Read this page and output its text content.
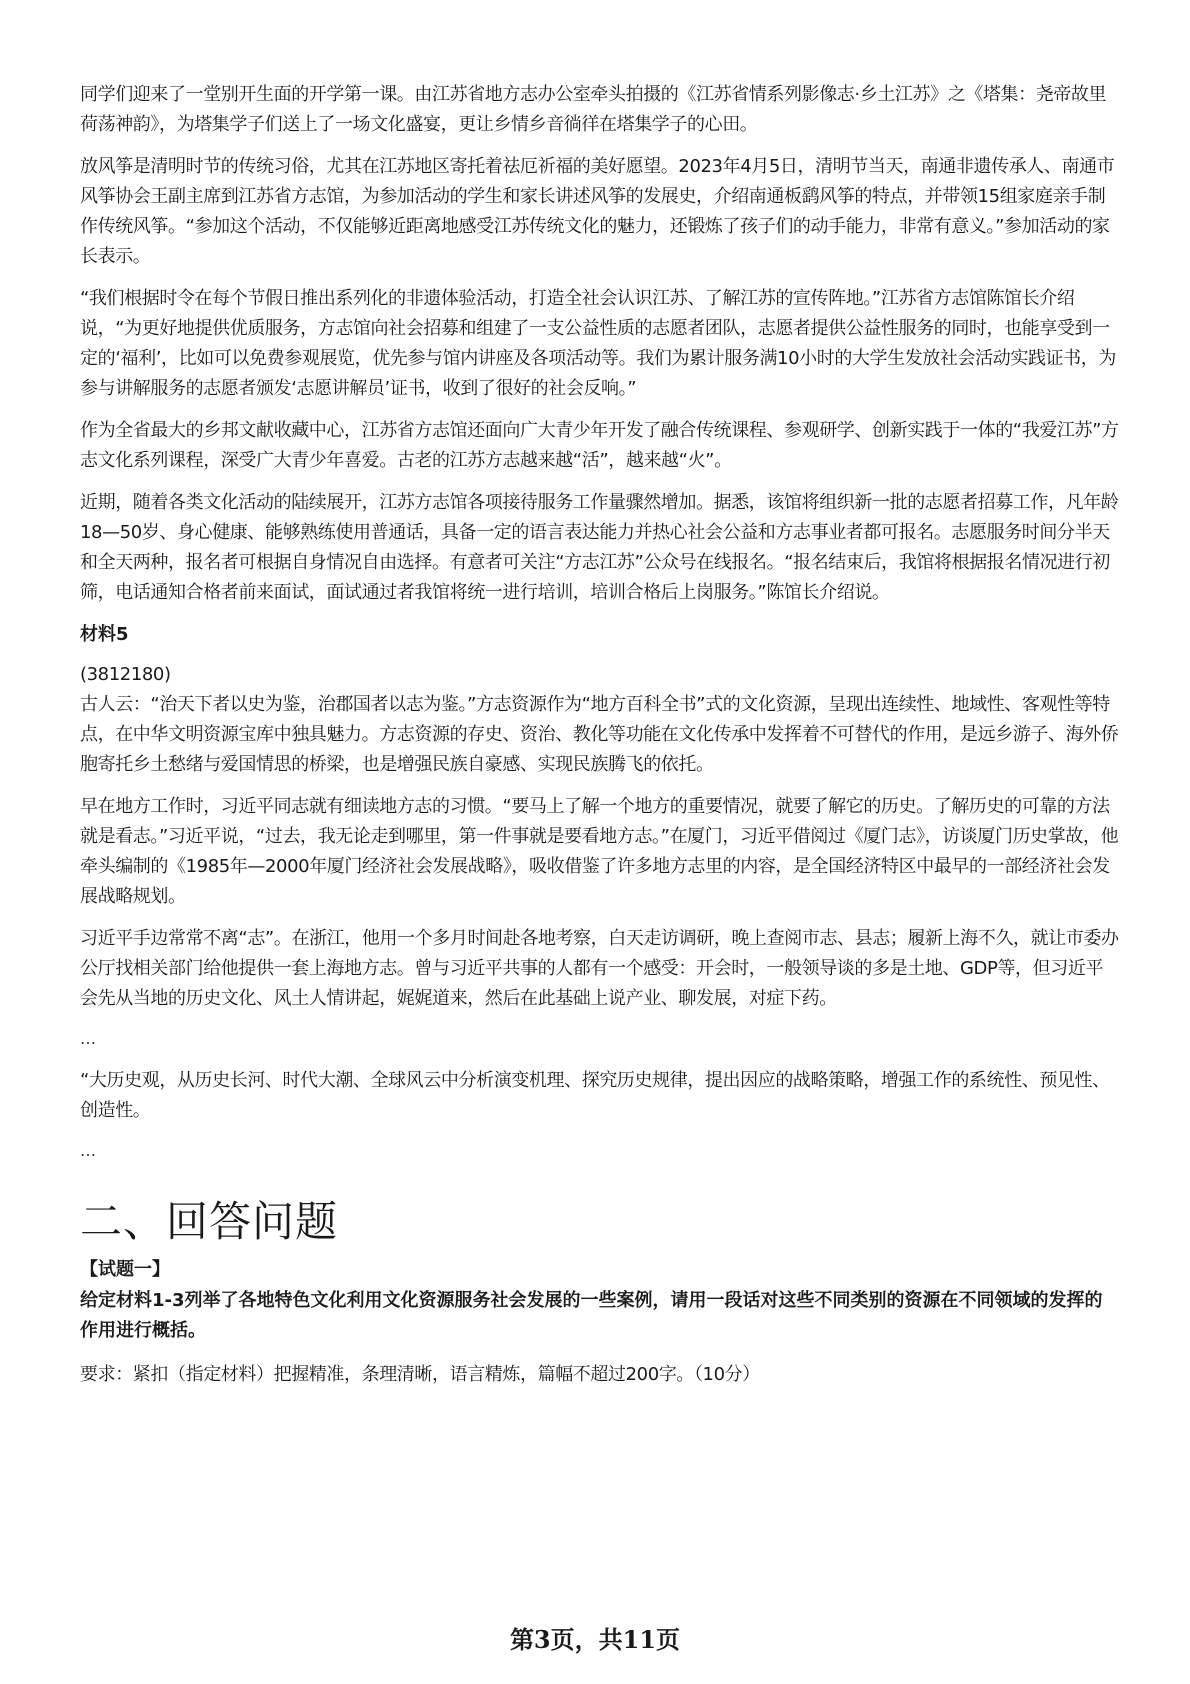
同学们迎来了一堂别开生面的开学第一课。由江苏省地方志办公室牵头拍摄的《江苏省情系列影像志·乡土江苏》之《塔集：尧帝故里荷荡神韵》，为塔集学子们送上了一场文化盛宴，更让乡情乡音徜徉在塔集学子的心田。

放风筝是清明时节的传统习俗，尤其在江苏地区寄托着祛厄祈福的美好愿望。2023年4月5日，清明节当天，南通非遗传承人、南通市风筝协会王副主席到江苏省方志馆，为参加活动的学生和家长讲述风筝的发展史，介绍南通板鹞风筝的特点，并带领15组家庭亲手制作传统风筝。“参加这个活动，不仅能够近距离地感受江苏传统文化的魅力，还锻炼了孩子们的动手能力，非常有意义。”参加活动的家长表示。

“我们根据时令在每个节假日推出系列化的非遗体验活动，打造全社会认识江苏、了解江苏的宣传阵地。”江苏省方志馆陈馆长介绍说，“为更好地提供优质服务，方志馆向社会招募和组建了一支公益性质的志愿者团队，志愿者提供公益性服务的同时，也能享受到一定的‘福利’，比如可以免费参观展览，优先参与馆内讲座及各项活动等。我们为累计服务满10小时的大学生发放社会活动实践证书，为参与讲解服务的志愿者颁发‘志愿讲解员’证书，收到了很好的社会反响。”

作为全省最大的乡邦文献收藏中心，江苏省方志馆还面向广大青少年开发了融合传统课程、参观研学、创新实践于一体的“我爱江苏”方志文化系列课程，深受广大青少年喜爱。古老的江苏方志越来越“活”，越来越“火”。

近期，随着各类文化活动的陆续展开，江苏方志馆各项接待服务工作量骤然增加。据悉，该馆将组织新一批的志愿者招募工作，凡年龄18—50岁、身心健康、能够熟练使用普通话，具备一定的语言表达能力并热心社会公益和方志事业者都可报名。志愿服务时间分半天和全天两种，报名者可根据自身情况自由选择。有意者可关注“方志江苏”公众号在线报名。“报名结束后，我馆将根据报名情况进行初筛，电话通知合格者前来面试，面试通过者我馆将统一进行培训，培训合格后上岗服务。”陈馆长介绍说。

材料5

(3812180)

古人云：“治天下者以史为鉴，治郡国者以志为鉴。”方志资源作为“地方百科全书”式的文化资源，呈现出连续性、地域性、客观性等特点，在中华文明资源宝库中独具魅力。方志资源的存史、资治、教化等功能在文化传承中发挥着不可替代的作用，是远乡游子、海外侨胞寄托乡土愁绪与爱国情思的桥梁，也是增强民族自豪感、实现民族腾飞的依托。

早在地方工作时，习近平同志就有细读地方志的习惯。“要马上了解一个地方的重要情况，就要了解它的历史。了解历史的可靠的方法就是看志。”习近平说，“过去，我无论走到哪里，第一件事就是要看地方志。”在厦门，习近平借阅过《厦门志》，访谈厦门历史掌故，他牵头编制的《1985年—2000年厦门经济社会发展战略》，吸收借鉴了许多地方志里的内容，是全国经济特区中最早的一部经济社会发展战略规划。

习近平手边常常不离“志”。在浙江，他用一个多月时间赴各地考察，白天走访调研，晚上查阅市志、县志；履新上海不久，就让市委办公厅找相关部门给他提供一套上海地方志。曾与习近平共事的人都有一个感受：开会时，一般领导谈的多是土地、GDP等，但习近平会先从当地的历史文化、风土人情讲起，娓娓道来，然后在此基础上说产业、聊发展，对症下药。

…

“大历史观，从历史长河、时代大潮、全球风云中分析演变机理、探究历史规律，提出因应的战略策略，增强工作的系统性、预见性、创造性。

…
二、回答问题
【试题一】
给定材料1-3列举了各地特色文化利用文化资源服务社会发展的一些案例，请用一段话对这些不同类别的资源在不同领域的发挥的作用进行概括。

要求：紧扣（指定材料）把握精准，条理清晰，语言精炼，篇幅不超过200字。（10分）

第3页，共11页
